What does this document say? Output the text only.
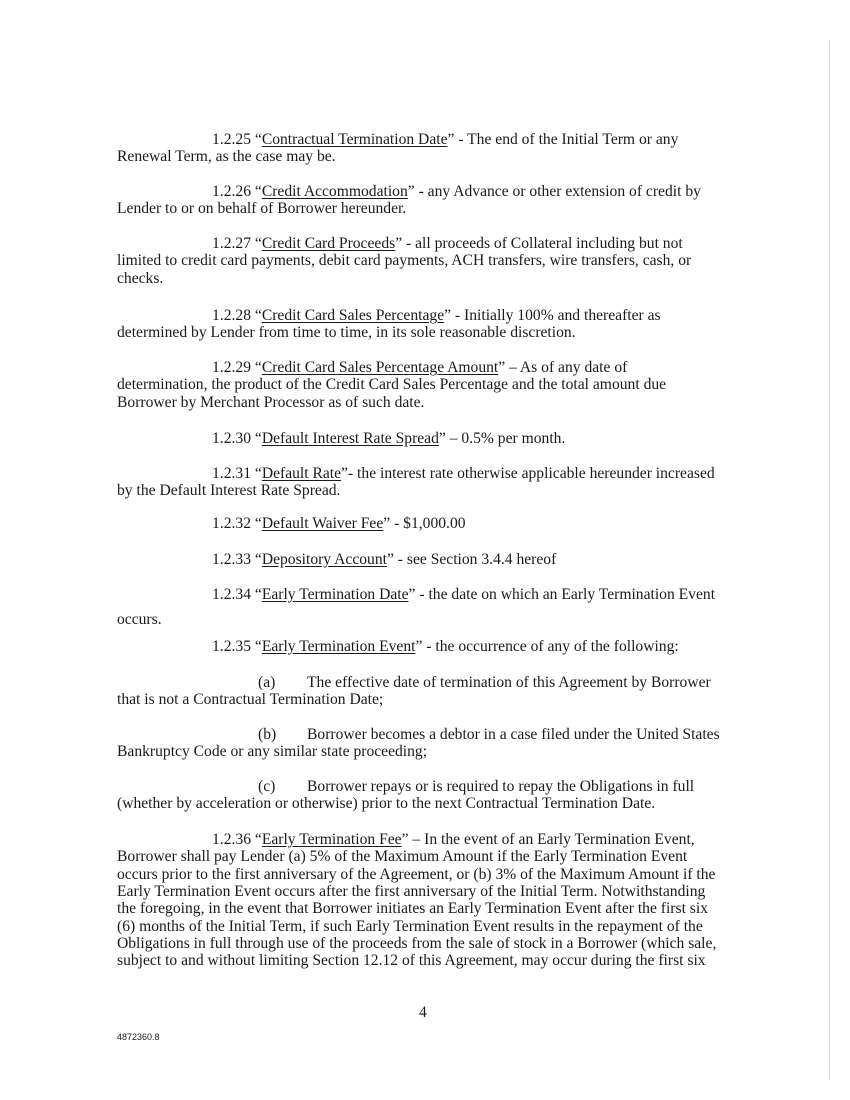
1.2.25 “Contractual Termination Date” - The end of the Initial Term or any
Renewal Term, as the case may be.
1.2.26 “Credit Accommodation” - any Advance or other extension of credit by
Lender to or on behalf of Borrower hereunder.
1.2.27 “Credit Card Proceeds” - all proceeds of Collateral including but not
limited to credit card payments, debit card payments, ACH transfers, wire transfers, cash, or
checks.
1.2.28 “Credit Card Sales Percentage” - Initially 100% and thereafter as
determined by Lender from time to time, in its sole reasonable discretion.
1.2.29 “Credit Card Sales Percentage Amount” – As of any date of
determination, the product of the Credit Card Sales Percentage and the total amount due
Borrower by Merchant Processor as of such date.
1.2.30 “Default Interest Rate Spread” – 0.5% per month.
1.2.31 “Default Rate”- the interest rate otherwise applicable hereunder increased
by the Default Interest Rate Spread.
1.2.32 “Default Waiver Fee” - $1,000.00
1.2.33 “Depository Account” - see Section 3.4.4 hereof
1.2.34 “Early Termination Date” - the date on which an Early Termination Event
occurs.
1.2.35 “Early Termination Event” - the occurrence of any of the following:
1.2.36 “Early Termination Fee” – In the event of an Early Termination Event,
Borrower shall pay Lender (a) 5% of the Maximum Amount if the Early Termination Event
occurs prior to the first anniversary of the Agreement, or (b) 3% of the Maximum Amount if the
Early Termination Event occurs after the first anniversary of the Initial Term. Notwithstanding
the foregoing, in the event that Borrower initiates an Early Termination Event after the first six
(6) months of the Initial Term, if such Early Termination Event results in the repayment of the
Obligations in full through use of the proceeds from the sale of stock in a Borrower (which sale,
subject to and without limiting Section 12.12 of this Agreement, may occur during the first six
(a) The effective date of termination of this Agreement by Borrower
that is not a Contractual Termination Date;
(b) Borrower becomes a debtor in a case filed under the United States
Bankruptcy Code or any similar state proceeding;
(c) Borrower repays or is required to repay the Obligations in full
(whether by acceleration or otherwise) prior to the next Contractual Termination Date.
4
4872360.8
